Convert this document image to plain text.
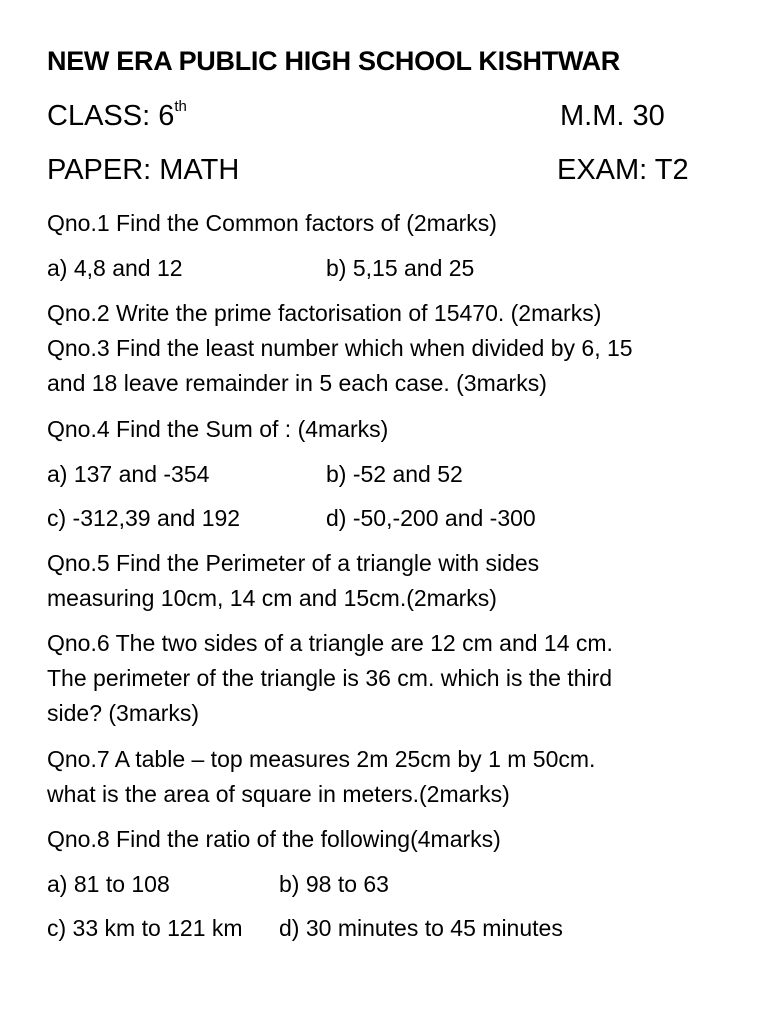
NEW ERA PUBLIC HIGH SCHOOL KISHTWAR
CLASS: 6th	M.M. 30
PAPER: MATH	EXAM: T2
Qno.1 Find the Common factors of (2marks)
a) 4,8 and 12	b) 5,15 and 25
Qno.2 Write the prime factorisation of 15470. (2marks)
Qno.3 Find the least number which when divided by 6, 15
and 18 leave remainder in 5 each case. (3marks)
Qno.4 Find the Sum of : (4marks)
a) 137 and -354	b) -52 and 52
c) -312,39 and 192	d) -50,-200 and -300
Qno.5 Find the Perimeter of a triangle with sides
measuring 10cm, 14 cm and 15cm.(2marks)
Qno.6 The two sides of a triangle are 12 cm and 14 cm.
The perimeter of the triangle is 36 cm. which is the third
side? (3marks)
Qno.7 A table – top measures 2m 25cm by 1 m 50cm.
what is the area of square in meters.(2marks)
Qno.8 Find the ratio of the following(4marks)
a) 81 to 108	b) 98 to 63
c) 33 km to 121 km d) 30 minutes to 45 minutes
